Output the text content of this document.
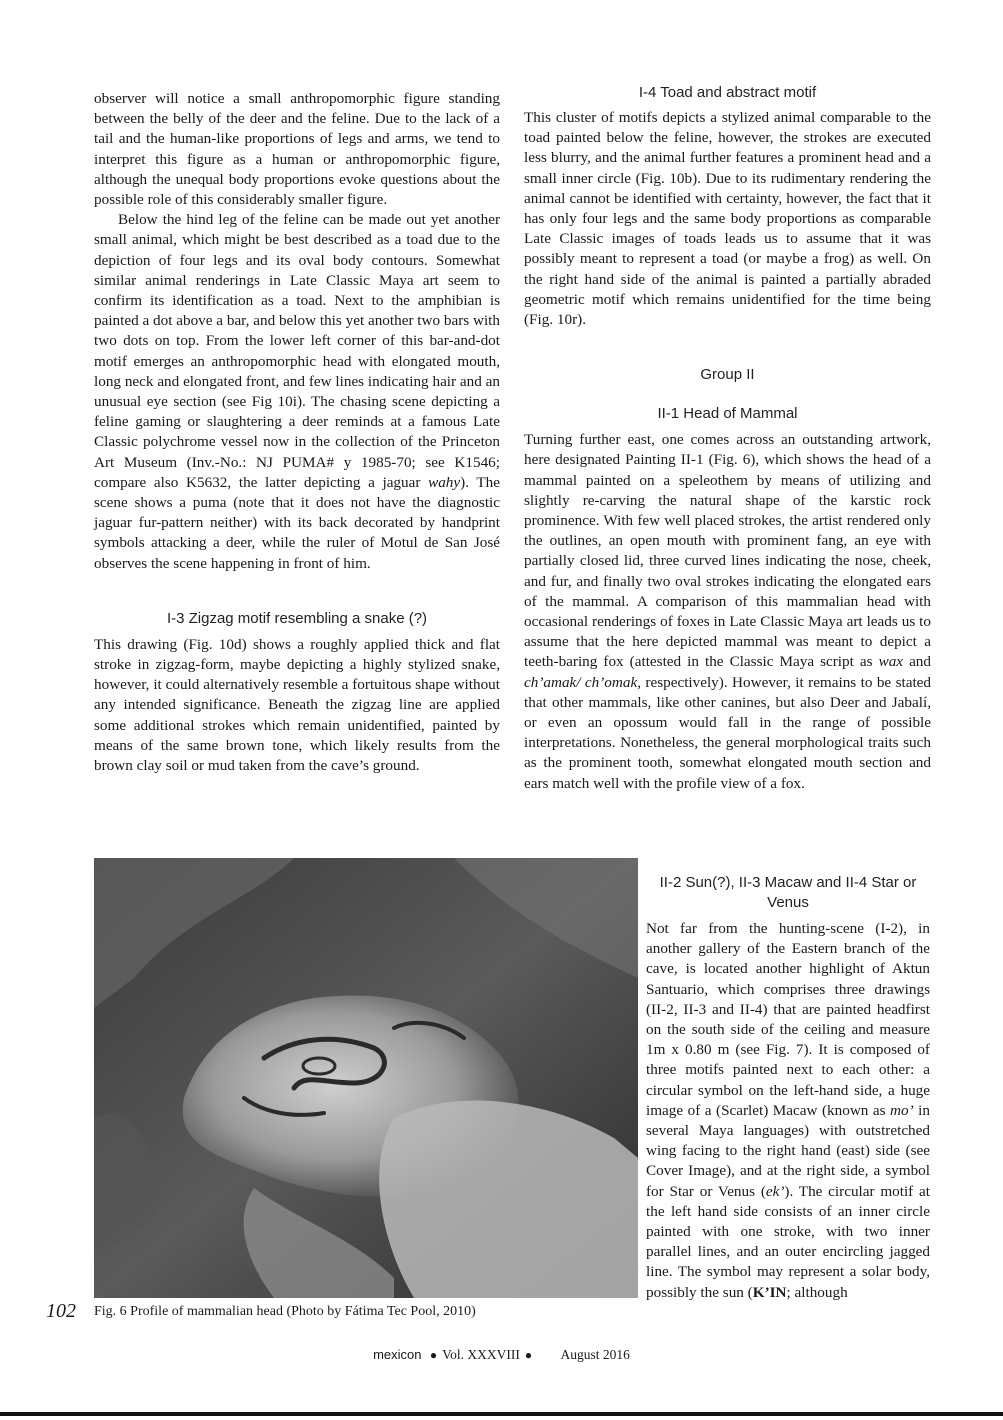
observer will notice a small anthropomorphic figure standing between the belly of the deer and the feline. Due to the lack of a tail and the human-like proportions of legs and arms, we tend to interpret this figure as a human or anthropomorphic figure, although the unequal body proportions evoke questions about the possible role of this considerably smaller figure.

Below the hind leg of the feline can be made out yet another small animal, which might be best described as a toad due to the depiction of four legs and its oval body contours. Somewhat similar animal renderings in Late Classic Maya art seem to confirm its identification as a toad. Next to the amphibian is painted a dot above a bar, and below this yet another two bars with two dots on top. From the lower left corner of this bar-and-dot motif emerges an anthropomorphic head with elongated mouth, long neck and elongated front, and few lines indicating hair and an unusual eye section (see Fig 10i). The chasing scene depicting a feline gaming or slaughtering a deer reminds at a famous Late Classic polychrome vessel now in the collection of the Princeton Art Museum (Inv.-No.: NJ PUMA# y 1985-70; see K1546; compare also K5632, the latter depicting a jaguar wahy). The scene shows a puma (note that it does not have the diagnostic jaguar fur-pattern neither) with its back decorated by handprint symbols attacking a deer, while the ruler of Motul de San José observes the scene happening in front of him.

I-3 Zigzag motif resembling a snake (?)

This drawing (Fig. 10d) shows a roughly applied thick and flat stroke in zigzag-form, maybe depicting a highly stylized snake, however, it could alternatively resemble a fortuitous shape without any intended significance. Beneath the zigzag line are applied some additional strokes which remain unidentified, painted by means of the same brown tone, which likely results from the brown clay soil or mud taken from the cave’s ground.

I-4 Toad and abstract motif

This cluster of motifs depicts a stylized animal comparable to the toad painted below the feline, however, the strokes are executed less blurry, and the animal further features a prominent head and a small inner circle (Fig. 10b). Due to its rudimentary rendering the animal cannot be identified with certainty, however, the fact that it has only four legs and the same body proportions as comparable Late Classic images of toads leads us to assume that it was possibly meant to represent a toad (or maybe a frog) as well. On the right hand side of the animal is painted a partially abraded geometric motif which remains unidentified for the time being (Fig. 10r).

Group II
II-1 Head of Mammal

Turning further east, one comes across an outstanding artwork, here designated Painting II-1 (Fig. 6), which shows the head of a mammal painted on a speleothem by means of utilizing and slightly re-carving the natural shape of the karstic rock prominence. With few well placed strokes, the artist rendered only the outlines, an open mouth with prominent fang, an eye with partially closed lid, three curved lines indicating the nose, cheek, and fur, and finally two oval strokes indicating the elongated ears of the mammal. A comparison of this mammalian head with occasional renderings of foxes in Late Classic Maya art leads us to assume that the here depicted mammal was meant to depict a teeth-baring fox (attested in the Classic Maya script as wax and ch’amak/ ch’omak, respectively). However, it remains to be stated that other mammals, like other canines, but also Deer and Jabalí, or even an opossum would fall in the range of possible interpretations. Nonetheless, the general morphological traits such as the prominent tooth, somewhat elongated mouth section and ears match well with the profile view of a fox.

Fig. 6 Profile of mammalian head (Photo by Fátima Tec Pool, 2010)
II-2 Sun(?), II-3 Macaw and II-4 Star or Venus

Not far from the hunting-scene (I-2), in another gallery of the Eastern branch of the cave, is located another highlight of Aktun Santuario, which comprises three drawings (II-2, II-3 and II-4) that are painted headfirst on the south side of the ceiling and measure 1m x 0.80 m (see Fig. 7). It is composed of three motifs painted next to each other: a circular symbol on the left-hand side, a huge image of a (Scarlet) Macaw (known as mo’ in several Maya languages) with outstretched wing facing to the right hand (east) side (see Cover Image), and at the right side, a symbol for Star or Venus (ek’). The circular motif at the left hand side consists of an inner circle painted with one stroke, with two inner parallel lines, and an outer encircling jagged line. The symbol may represent a solar body, possibly the sun (K’IN; although

102
mexicon ● Vol. XXXVIII ● August 2016
